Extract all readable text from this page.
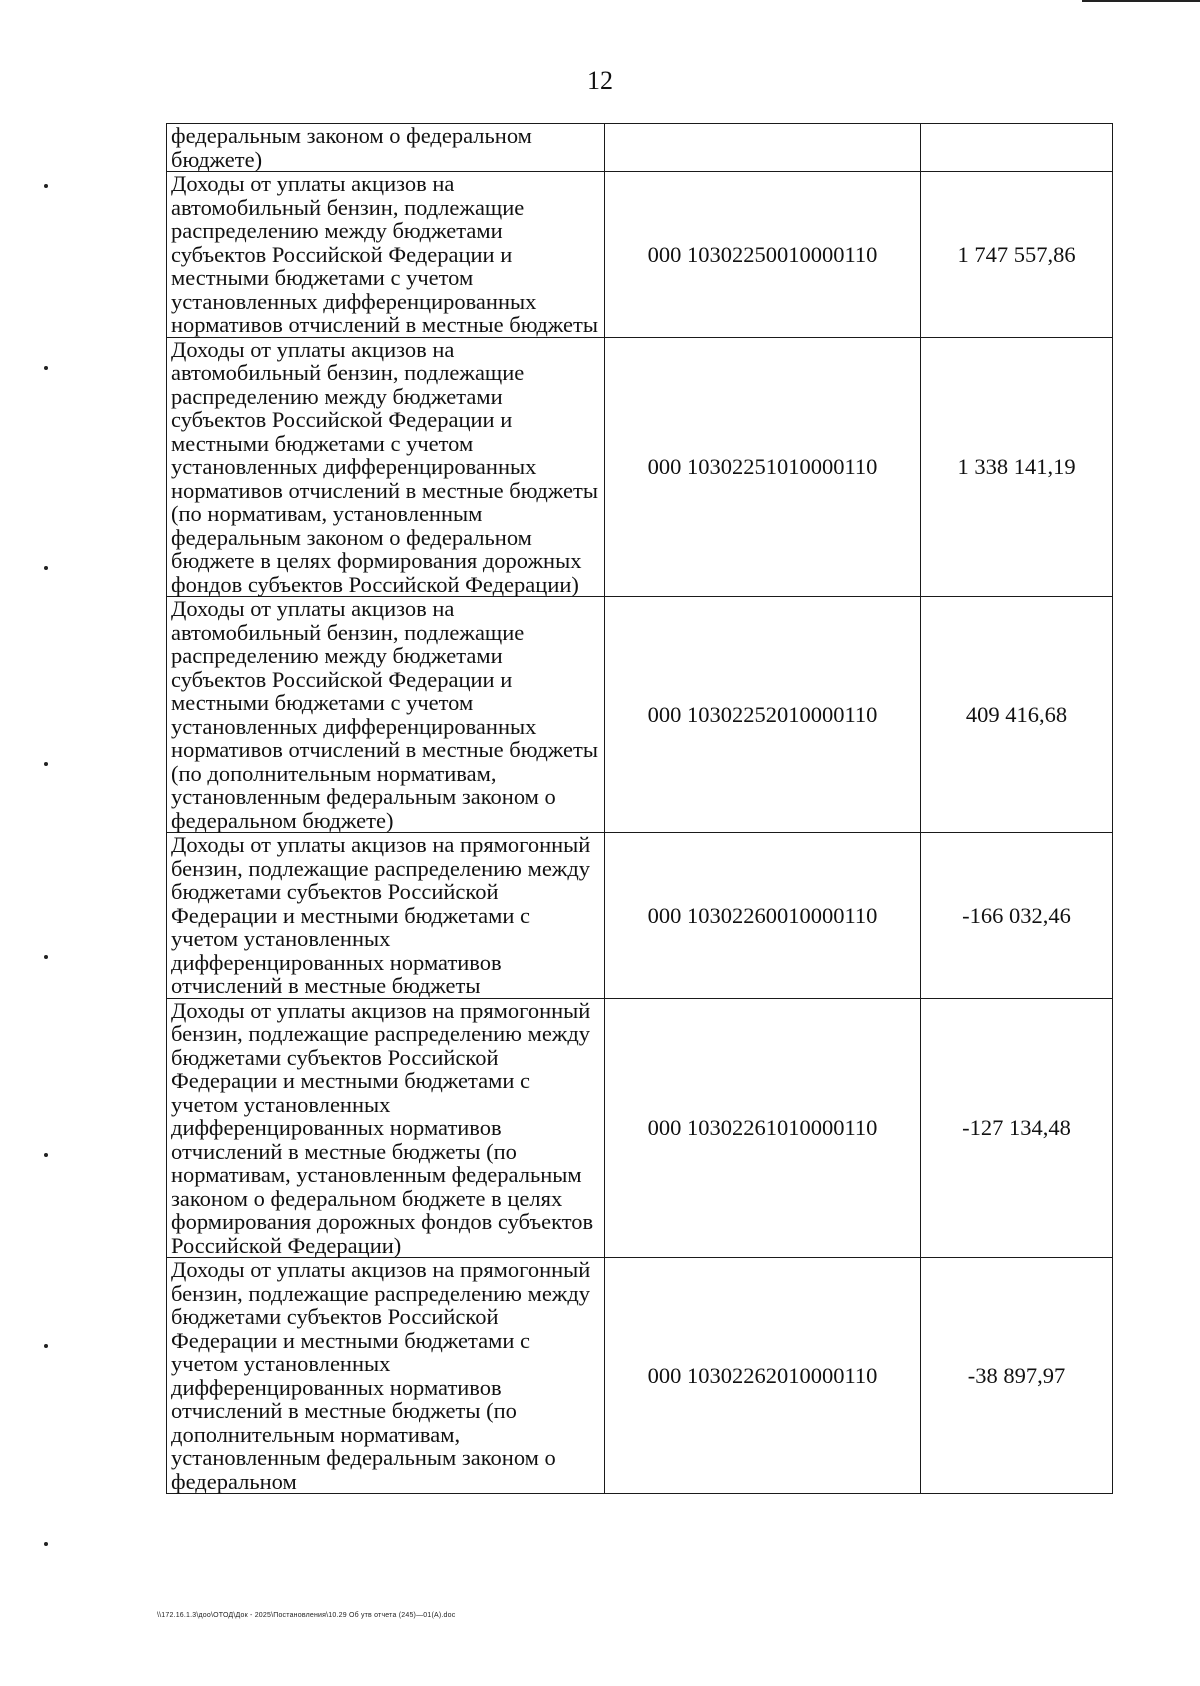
12
федеральным законом о федеральном бюджете)		
Доходы от уплаты акцизов на автомобильный бензин, подлежащие распределению между бюджетами субъектов Российской Федерации и местными бюджетами с учетом установленных дифференцированных нормативов отчислений в местные бюджеты	000 10302250010000110	1 747 557,86
Доходы от уплаты акцизов на автомобильный бензин, подлежащие распределению между бюджетами субъектов Российской Федерации и местными бюджетами с учетом установленных дифференцированных нормативов отчислений в местные бюджеты (по нормативам, установленным федеральным законом о федеральном бюджете в целях формирования дорожных фондов субъектов Российской Федерации)	000 10302251010000110	1 338 141,19
Доходы от уплаты акцизов на автомобильный бензин, подлежащие распределению между бюджетами субъектов Российской Федерации и местными бюджетами с учетом установленных дифференцированных нормативов отчислений в местные бюджеты (по дополнительным нормативам, установленным федеральным законом о федеральном бюджете)	000 10302252010000110	409 416,68
Доходы от уплаты акцизов на прямогонный бензин, подлежащие распределению между бюджетами субъектов Российской Федерации и местными бюджетами с учетом установленных дифференцированных нормативов отчислений в местные бюджеты	000 10302260010000110	-166 032,46
Доходы от уплаты акцизов на прямогонный бензин, подлежащие распределению между бюджетами субъектов Российской Федерации и местными бюджетами с учетом установленных дифференцированных нормативов отчислений в местные бюджеты (по нормативам, установленным федеральным законом о федеральном бюджете в целях формирования дорожных фондов субъектов Российской Федерации)	000 10302261010000110	-127 134,48
Доходы от уплаты акцизов на прямогонный бензин, подлежащие распределению между бюджетами субъектов Российской Федерации и местными бюджетами с учетом установленных дифференцированных нормативов отчислений в местные бюджеты (по дополнительным нормативам, установленным федеральным законом о федеральном	000 10302262010000110	-38 897,97
\\172.16.1.3\доо\ОТОД\Док - 2025\Постановления\10.29 Об утв отчета (245)—01(А).doc
